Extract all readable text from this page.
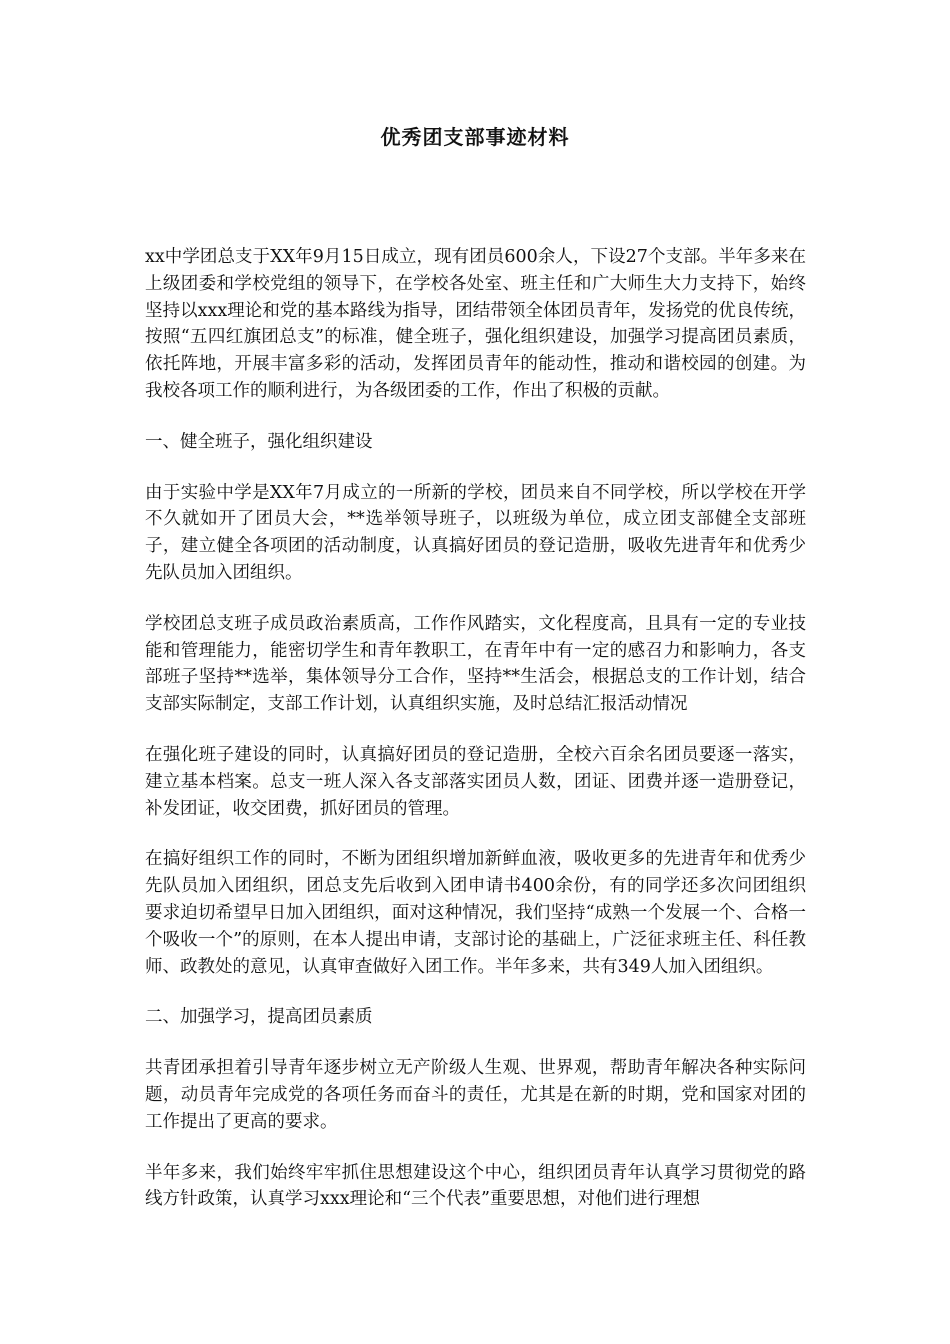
优秀团支部事迹材料

xx中学团总支于XX年9月15日成立，现有团员600余人，下设27个支部。半年多来在上级团委和学校党组的领导下，在学校各处室、班主任和广大师生大力支持下，始终坚持以xxx理论和党的基本路线为指导，团结带领全体团员青年，发扬党的优良传统，按照“五四红旗团总支”的标准，健全班子，强化组织建设，加强学习提高团员素质，依托阵地，开展丰富多彩的活动，发挥团员青年的能动性，推动和谐校园的创建。为我校各项工作的顺利进行，为各级团委的工作，作出了积极的贡献。

一、健全班子，强化组织建设

由于实验中学是XX年7月成立的一所新的学校，团员来自不同学校，所以学校在开学不久就如开了团员大会，**选举领导班子，以班级为单位，成立团支部健全支部班子，建立健全各项团的活动制度，认真搞好团员的登记造册，吸收先进青年和优秀少先队员加入团组织。

学校团总支班子成员政治素质高，工作作风踏实，文化程度高，且具有一定的专业技能和管理能力，能密切学生和青年教职工，在青年中有一定的感召力和影响力，各支部班子坚持**选举，集体领导分工合作，坚持**生活会，根据总支的工作计划，结合支部实际制定，支部工作计划，认真组织实施，及时总结汇报活动情况

在强化班子建设的同时，认真搞好团员的登记造册，全校六百余名团员要逐一落实，建立基本档案。总支一班人深入各支部落实团员人数，团证、团费并逐一造册登记，补发团证，收交团费，抓好团员的管理。

在搞好组织工作的同时，不断为团组织增加新鲜血液，吸收更多的先进青年和优秀少先队员加入团组织，团总支先后收到入团申请书400余份，有的同学还多次问团组织要求迫切希望早日加入团组织，面对这种情况，我们坚持“成熟一个发展一个、合格一个吸收一个”的原则，在本人提出申请，支部讨论的基础上，广泛征求班主任、科任教师、政教处的意见，认真审查做好入团工作。半年多来，共有349人加入团组织。

二、加强学习，提高团员素质

共青团承担着引导青年逐步树立无产阶级人生观、世界观，帮助青年解决各种实际问题，动员青年完成党的各项任务而奋斗的责任，尤其是在新的时期，党和国家对团的工作提出了更高的要求。

半年多来，我们始终牢牢抓住思想建设这个中心，组织团员青年认真学习贯彻党的路线方针政策，认真学习xxx理论和“三个代表”重要思想，对他们进行理想
